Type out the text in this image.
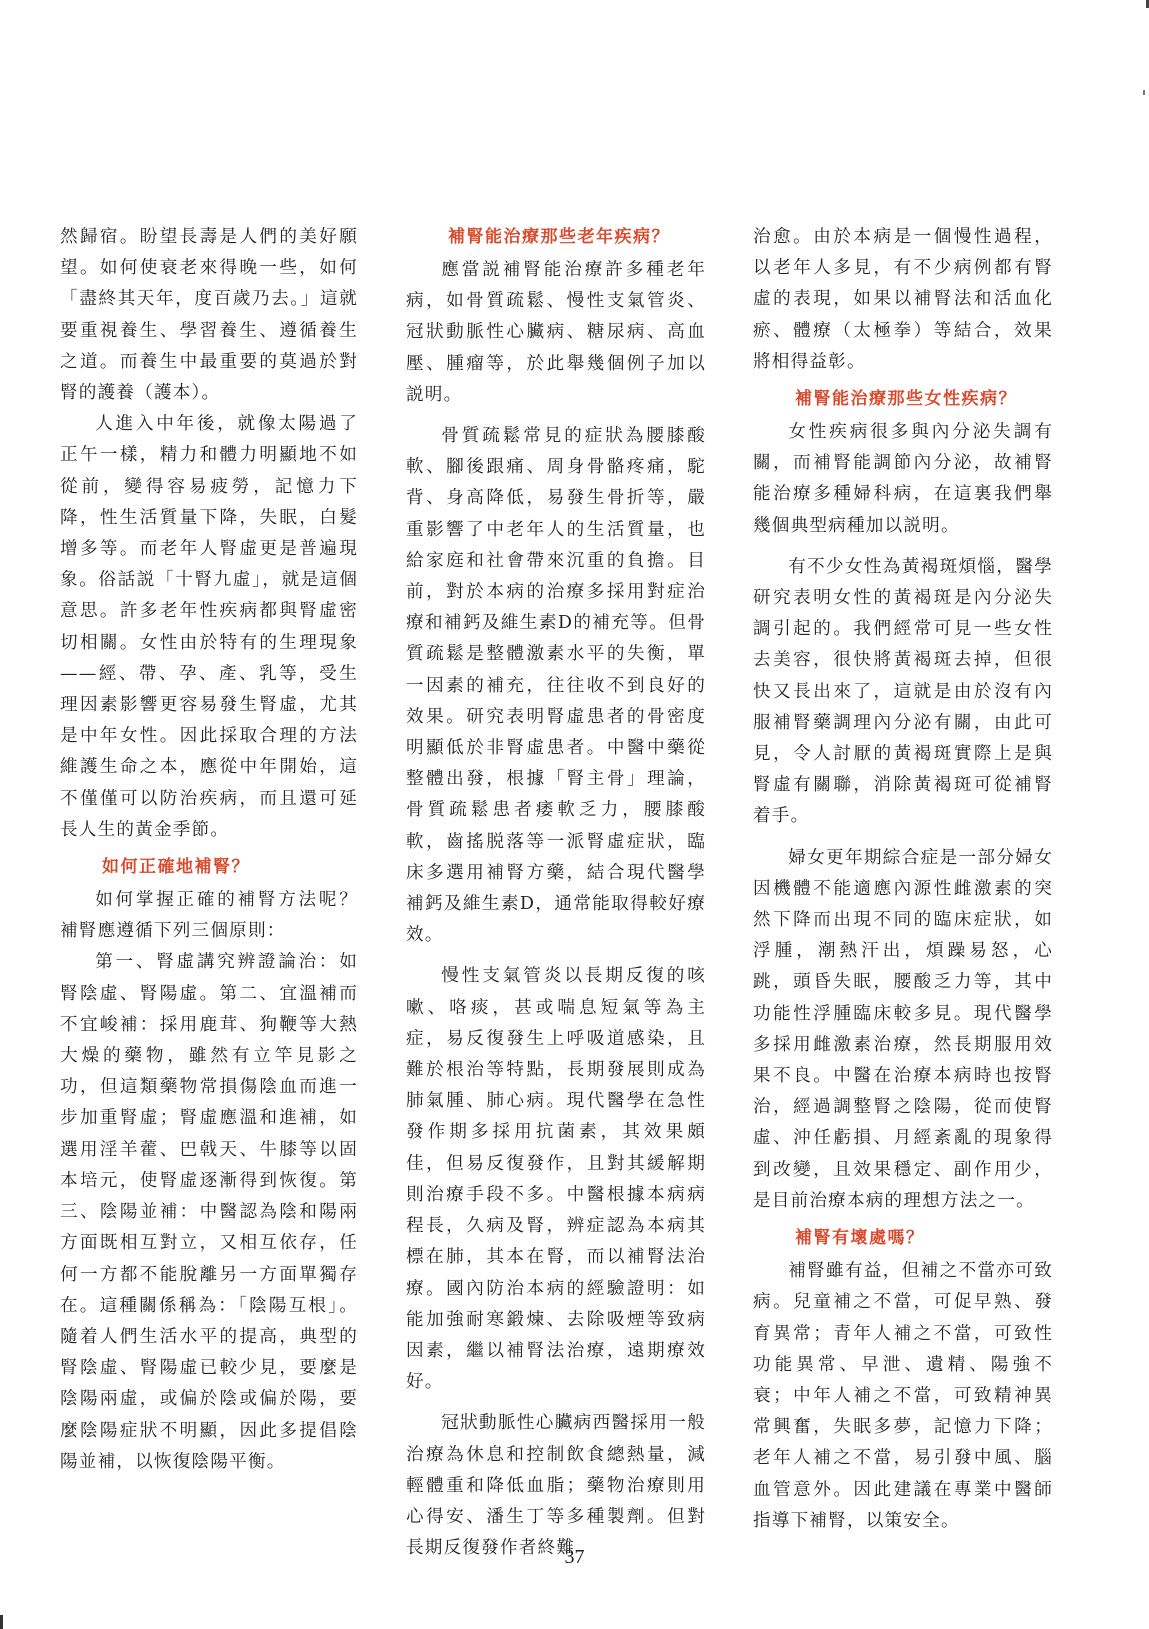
然歸宿。盼望長壽是人們的美好願望。如何使衰老來得晚一些，如何「盡終其天年，度百歲乃去。」這就要重視養生、學習養生、遵循養生之道。而養生中最重要的莫過於對腎的護養（護本）。

人進入中年後，就像太陽過了正午一樣，精力和體力明顯地不如從前，變得容易疲勞，記憶力下降，性生活質量下降，失眠，白髮增多等。而老年人腎虛更是普遍現象。俗話説「十腎九虛」，就是這個意思。許多老年性疾病都與腎虛密切相關。女性由於特有的生理現象——經、帶、孕、產、乳等，受生理因素影響更容易發生腎虛，尤其是中年女性。因此採取合理的方法維護生命之本，應從中年開始，這不僅僅可以防治疾病，而且還可延長人生的黃金季節。

如何正確地補腎？

如何掌握正確的補腎方法呢？補腎應遵循下列三個原則：

第一、腎虛講究辨證論治：如腎陰虛、腎陽虛。第二、宜溫補而不宜峻補：採用鹿茸、狗鞭等大熱大燥的藥物，雖然有立竿見影之功，但這類藥物常損傷陰血而進一步加重腎虛；腎虛應溫和進補，如選用淫羊藿、巴戟天、牛膝等以固本培元，使腎虛逐漸得到恢復。第三、陰陽並補：中醫認為陰和陽兩方面既相互對立，又相互依存，任何一方都不能脫離另一方面單獨存在。這種關係稱為：「陰陽互根」。隨着人們生活水平的提高，典型的腎陰虛、腎陽虛已較少見，要麼是陰陽兩虛，或偏於陰或偏於陽，要麼陰陽症狀不明顯，因此多提倡陰陽並補，以恢復陰陽平衡。

補腎能治療那些老年疾病？

應當説補腎能治療許多種老年病，如骨質疏鬆、慢性支氣管炎、冠狀動脈性心臟病、糖尿病、高血壓、腫瘤等，於此舉幾個例子加以説明。

骨質疏鬆常見的症狀為腰膝酸軟、腳後跟痛、周身骨骼疼痛，駝背、身高降低，易發生骨折等，嚴重影響了中老年人的生活質量，也給家庭和社會帶來沉重的負擔。目前，對於本病的治療多採用對症治療和補鈣及維生素D的補充等。但骨質疏鬆是整體激素水平的失衡，單一因素的補充，往往收不到良好的效果。研究表明腎虛患者的骨密度明顯低於非腎虛患者。中醫中藥從整體出發，根據「腎主骨」理論，骨質疏鬆患者痿軟乏力，腰膝酸軟，齒搖脱落等一派腎虛症狀，臨床多選用補腎方藥，結合現代醫學補鈣及維生素D，通常能取得較好療效。

慢性支氣管炎以長期反復的咳嗽、咯痰，甚或喘息短氣等為主症，易反復發生上呼吸道感染，且難於根治等特點，長期發展則成為肺氣腫、肺心病。現代醫學在急性發作期多採用抗菌素，其效果頗佳，但易反復發作，且對其緩解期則治療手段不多。中醫根據本病病程長，久病及腎，辨症認為本病其標在肺，其本在腎，而以補腎法治療。國內防治本病的經驗證明：如能加強耐寒鍛煉、去除吸煙等致病因素，繼以補腎法治療，遠期療效好。

冠狀動脈性心臟病西醫採用一般治療為休息和控制飲食總熱量，減輕體重和降低血脂；藥物治療則用心得安、潘生丁等多種製劑。但對長期反復發作者終難

治愈。由於本病是一個慢性過程，以老年人多見，有不少病例都有腎虛的表現，如果以補腎法和活血化瘀、體療（太極拳）等結合，效果將相得益彰。

補腎能治療那些女性疾病？

女性疾病很多與內分泌失調有關，而補腎能調節內分泌，故補腎能治療多種婦科病，在這裏我們舉幾個典型病種加以説明。

有不少女性為黃褐斑煩惱，醫學研究表明女性的黃褐斑是內分泌失調引起的。我們經常可見一些女性去美容，很快將黃褐斑去掉，但很快又長出來了，這就是由於沒有內服補腎藥調理內分泌有關，由此可見，令人討厭的黃褐斑實際上是與腎虛有關聯，消除黃褐斑可從補腎着手。

婦女更年期綜合症是一部分婦女因機體不能適應內源性雌激素的突然下降而出現不同的臨床症狀，如浮腫，潮熱汗出，煩躁易怒，心跳，頭昏失眠，腰酸乏力等，其中功能性浮腫臨床較多見。現代醫學多採用雌激素治療，然長期服用效果不良。中醫在治療本病時也按腎治，經過調整腎之陰陽，從而使腎虛、沖任虧損、月經紊亂的現象得到改變，且效果穩定、副作用少，是目前治療本病的理想方法之一。

補腎有壞處嗎？

補腎雖有益，但補之不當亦可致病。兒童補之不當，可促早熟、發育異常；青年人補之不當，可致性功能異常、早泄、遺精、陽強不衰；中年人補之不當，可致精神異常興奮，失眠多夢，記憶力下降；老年人補之不當，易引發中風、腦血管意外。因此建議在專業中醫師指導下補腎，以策安全。

37
